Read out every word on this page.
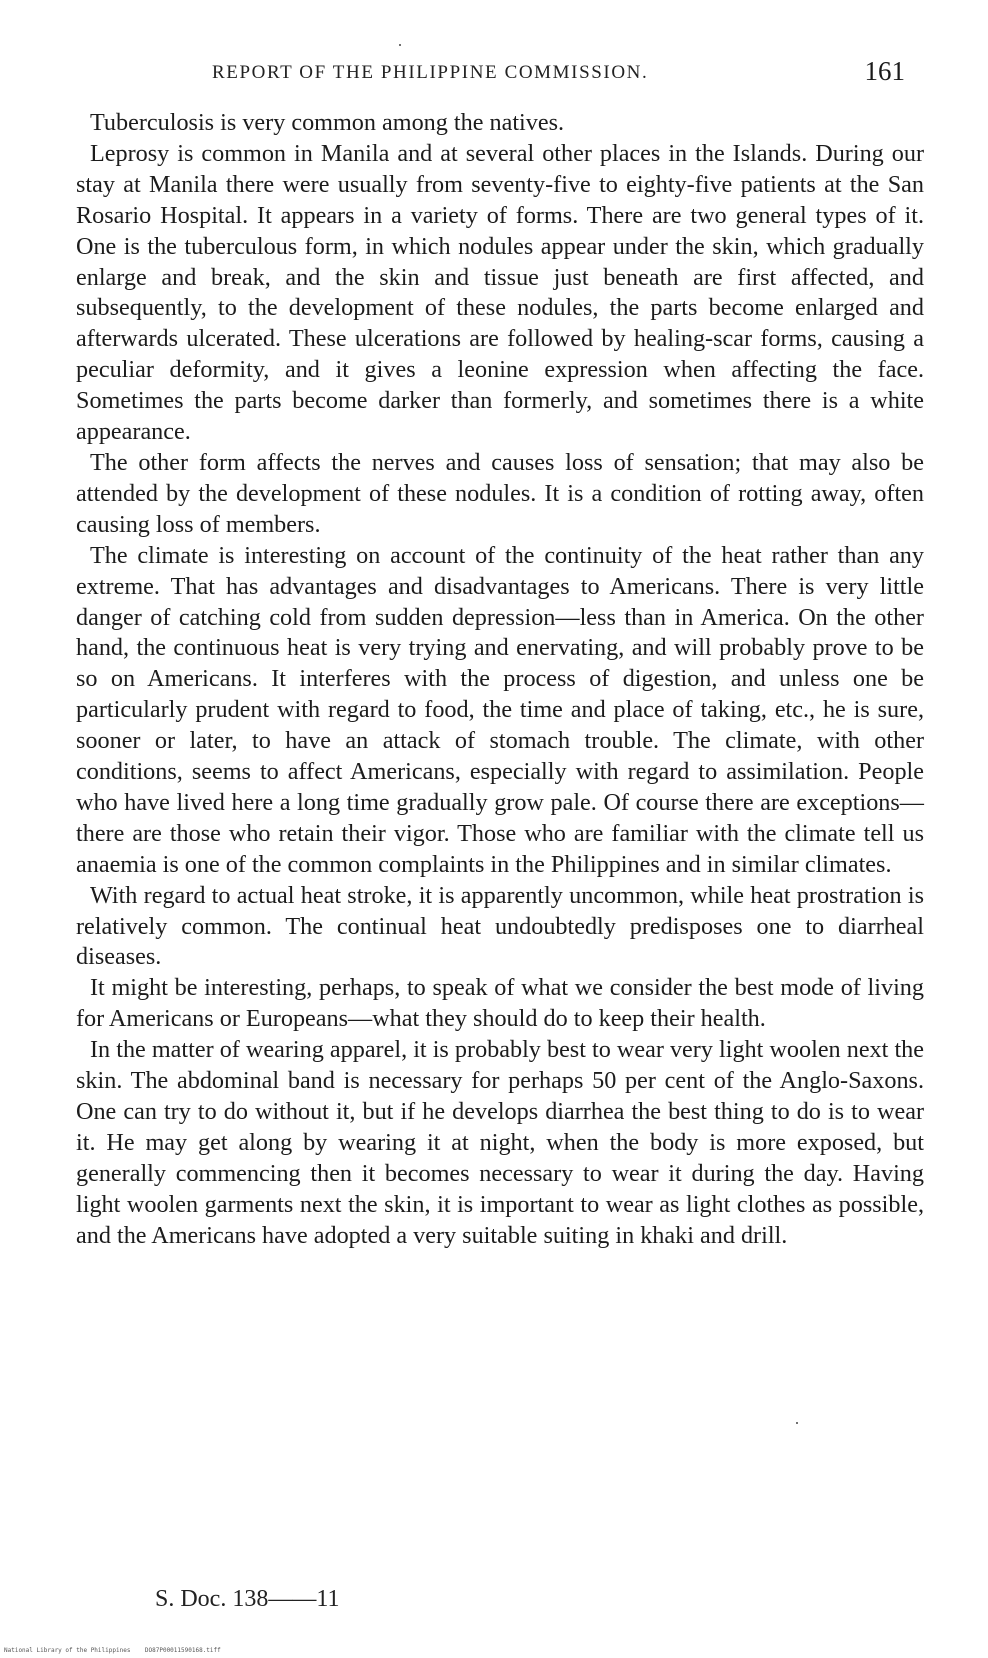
REPORT OF THE PHILIPPINE COMMISSION.	161

Tuberculosis is very common among the natives.

Leprosy is common in Manila and at several other places in the Islands. During our stay at Manila there were usually from seventy-five to eighty-five patients at the San Rosario Hospital. It appears in a variety of forms. There are two general types of it. One is the tuberculous form, in which nodules appear under the skin, which gradually enlarge and break, and the skin and tissue just beneath are first affected, and subsequently, to the development of these nodules, the parts become enlarged and afterwards ulcerated. These ulcerations are followed by healing-scar forms, causing a peculiar deformity, and it gives a leonine expression when affecting the face. Sometimes the parts become darker than formerly, and sometimes there is a white appearance.

The other form affects the nerves and causes loss of sensation; that may also be attended by the development of these nodules. It is a condition of rotting away, often causing loss of members.

The climate is interesting on account of the continuity of the heat rather than any extreme. That has advantages and disadvantages to Americans. There is very little danger of catching cold from sudden depression—less than in America. On the other hand, the continuous heat is very trying and enervating, and will probably prove to be so on Americans. It interferes with the process of digestion, and unless one be particularly prudent with regard to food, the time and place of taking, etc., he is sure, sooner or later, to have an attack of stomach trouble. The climate, with other conditions, seems to affect Americans, especially with regard to assimilation. People who have lived here a long time gradually grow pale. Of course there are exceptions—there are those who retain their vigor. Those who are familiar with the climate tell us anaemia is one of the common complaints in the Philippines and in similar climates.

With regard to actual heat stroke, it is apparently uncommon, while heat prostration is relatively common. The continual heat undoubtedly predisposes one to diarrheal diseases.

It might be interesting, perhaps, to speak of what we consider the best mode of living for Americans or Europeans—what they should do to keep their health.

In the matter of wearing apparel, it is probably best to wear very light woolen next the skin. The abdominal band is necessary for perhaps 50 per cent of the Anglo-Saxons. One can try to do without it, but if he develops diarrhea the best thing to do is to wear it. He may get along by wearing it at night, when the body is more exposed, but generally commencing then it becomes necessary to wear it during the day. Having light woolen garments next the skin, it is important to wear as light clothes as possible, and the Americans have adopted a very suitable suiting in khaki and drill.

S. Doc. 138——11
National Library of the Philippines DO87P00011590168.tiff
